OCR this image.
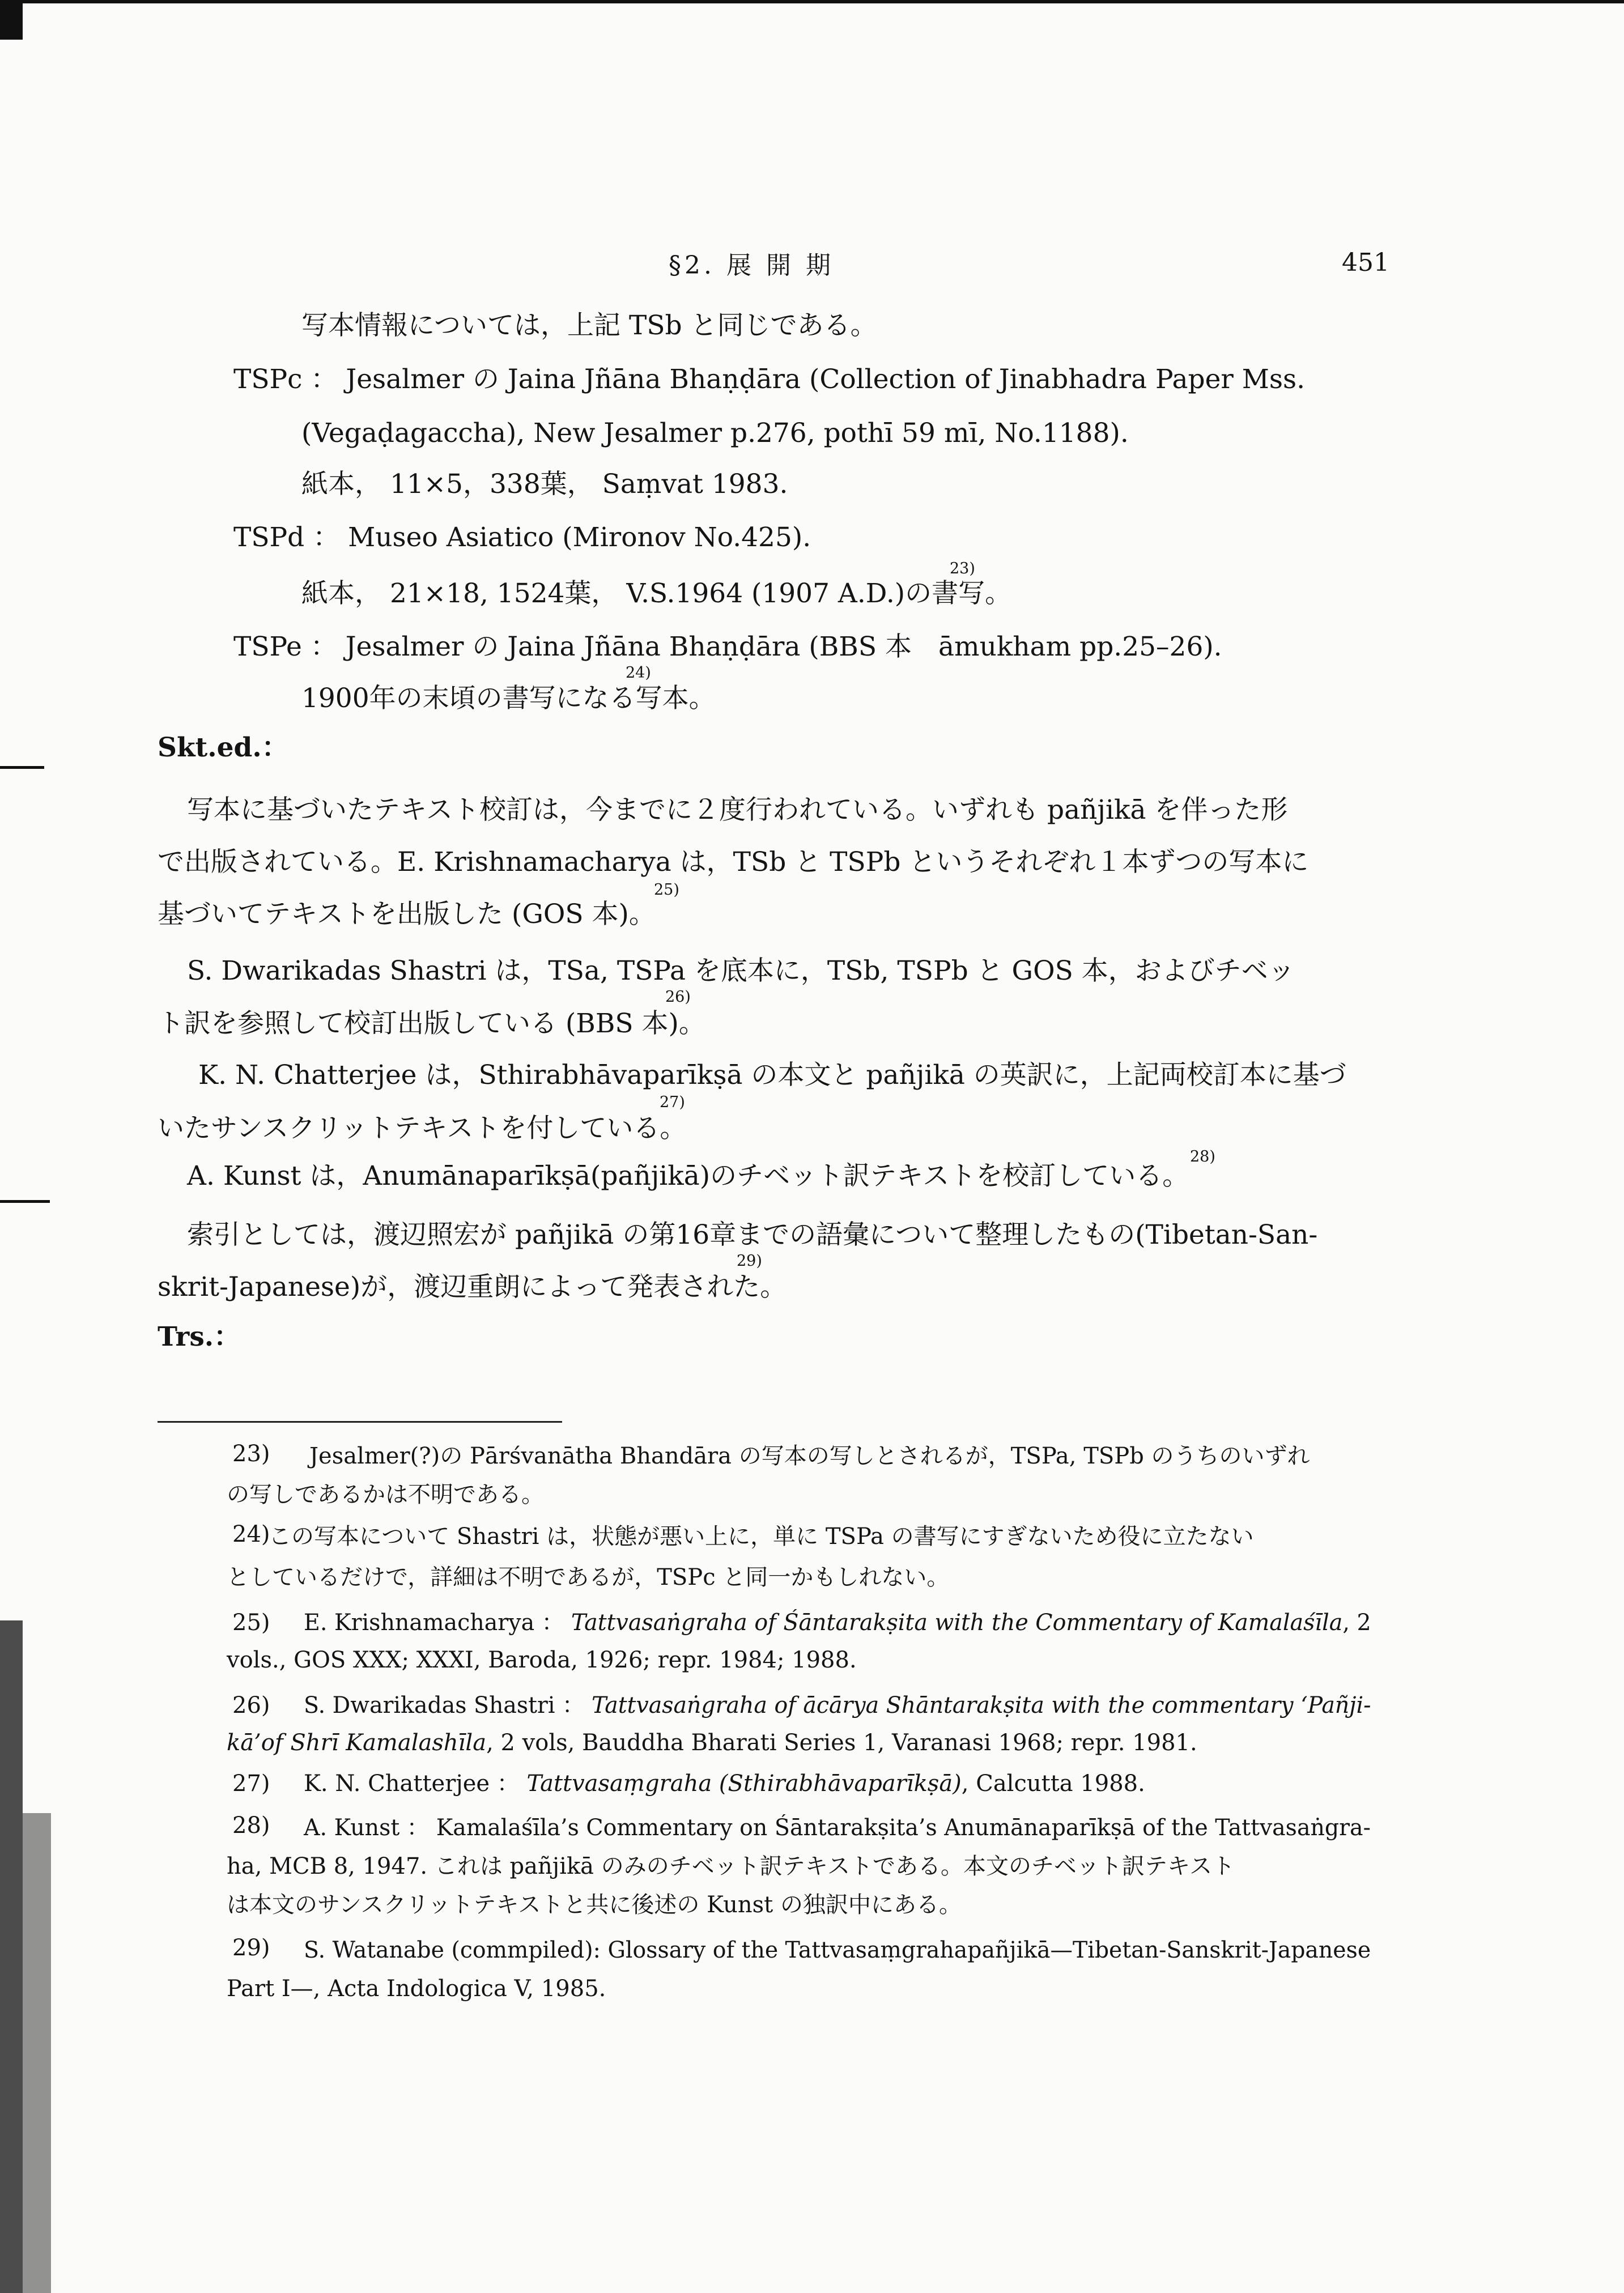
§2. 展 開 期	451
写本情報については，上記 TSb と同じである。
TSPc ： Jesalmer の Jaina Jñāna Bhaṇḍāra (Collection of Jinabhadra Paper Mss.
(Vegaḍagaccha), New Jesalmer p.276, pothī 59 mī, No.1188).
紙本， 11×5，338葉， Saṃvat 1983.
TSPd ： Museo Asiatico (Mironov No.425).
紙本， 21×18, 1524葉， V.S.1964 (1907 A.D.)の書写。
23)
TSPe ： Jesalmer の Jaina Jñāna Bhaṇḍāra (BBS 本　āmukham pp.25–26).
1900年の末頃の書写になる写本。
24)
Skt.ed.：
写本に基づいたテキスト校訂は，今までに２度行われている。いずれも pañjikā を伴った形
で出版されている。E. Krishnamacharya は，TSb と TSPb というそれぞれ１本ずつの写本に
基づいてテキストを出版した (GOS 本)。
25)
S. Dwarikadas Shastri は，TSa, TSPa を底本に，TSb, TSPb と GOS 本，およびチベッ
ト訳を参照して校訂出版している (BBS 本)。
26)
K. N. Chatterjee は，Sthirabhāvaparīkṣā の本文と pañjikā の英訳に，上記両校訂本に基づ
いたサンスクリットテキストを付している。
27)
A. Kunst は，Anumānaparīkṣā(pañjikā)のチベット訳テキストを校訂している。
28)
索引としては，渡辺照宏が pañjikā の第16章までの語彙について整理したもの(Tibetan-San-
skrit-Japanese)が，渡辺重朗によって発表された。
29)
Trs.：
23) Jesalmer(?)の Pārśvanātha Bhandāra の写本の写しとされるが，TSPa, TSPb のうちのいずれ
の写しであるかは不明である。
24)
この写本について Shastri は，状態が悪い上に，単に TSPa の書写にすぎないため役に立たない
としているだけで，詳細は不明であるが，TSPc と同一かもしれない。
25) E. Krishnamacharya ： Tattvasaṅgraha of Śāntarakṣita with the Commentary of Kamalaśīla, 2
vols., GOS XXX; XXXI, Baroda, 1926; repr. 1984; 1988.
26) S. Dwarikadas Shastri ： Tattvasaṅgraha of ācārya Shāntarakṣita with the commentary ‘Pañji-
kā’of Shrī Kamalashīla, 2 vols, Bauddha Bharati Series 1, Varanasi 1968; repr. 1981.
27) K. N. Chatterjee ： Tattvasaṃgraha (Sthirabhāvaparīkṣā), Calcutta 1988.
28) A. Kunst ： Kamalaśīla’s Commentary on Śāntarakṣita’s Anumānaparīkṣā of the Tattvasaṅgra-
ha, MCB 8, 1947. これは pañjikā のみのチベット訳テキストである。本文のチベット訳テキスト
は本文のサンスクリットテキストと共に後述の Kunst の独訳中にある。
29) S. Watanabe (commpiled): Glossary of the Tattvasaṃgrahapañjikā—Tibetan-Sanskrit-Japanese
Part I—, Acta Indologica V, 1985.
